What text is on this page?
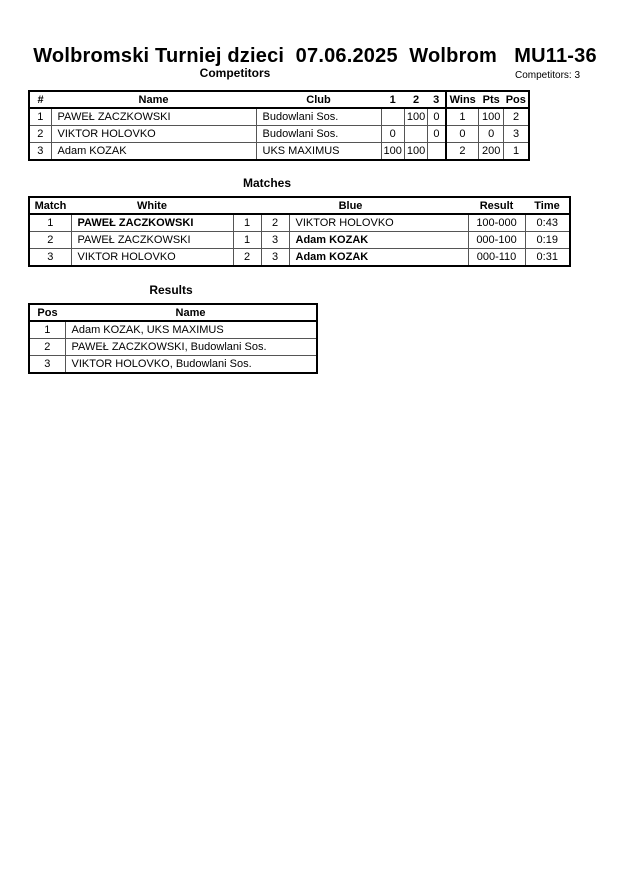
Wolbromski Turniej dzieci  07.06.2025  Wolbrom   MU11-36
Competitors	Competitors: 3
#	Name	Club	1	2	3	Wins	Pts	Pos
1	PAWEŁ ZACZKOWSKI	Budowlani Sos.		100	0	1	100	2
2	VIKTOR HOLOVKO	Budowlani Sos.	0		0	0	0	3
3	Adam KOZAK	UKS MAXIMUS	100	100		2	200	1
Matches
Match	White	Blue			Result	Time
1	PAWEŁ ZACZKOWSKI	1	2	VIKTOR HOLOVKO	100-000	0:43
2	PAWEŁ ZACZKOWSKI	1	3	Adam KOZAK	000-100	0:19
3	VIKTOR HOLOVKO	2	3	Adam KOZAK	000-110	0:31
Results
Pos	Name
1	Adam KOZAK, UKS MAXIMUS
2	PAWEŁ ZACZKOWSKI, Budowlani Sos.
3	VIKTOR HOLOVKO, Budowlani Sos.
